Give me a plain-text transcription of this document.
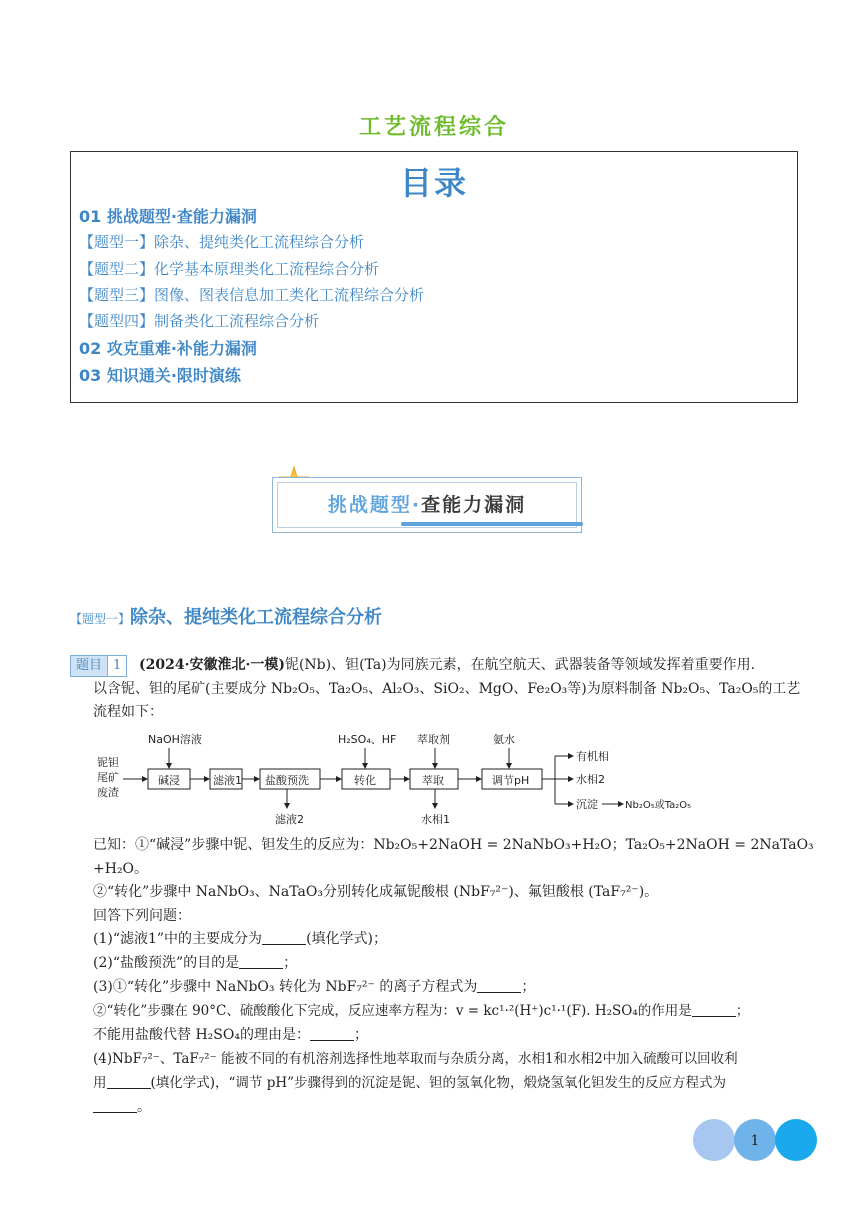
工艺流程综合
目录
01 挑战题型·查能力漏洞
【题型一】除杂、提纯类化工流程综合分析
【题型二】化学基本原理类化工流程综合分析
【题型三】图像、图表信息加工类化工流程综合分析
【题型四】制备类化工流程综合分析
02 攻克重难·补能力漏洞
03 知识通关·限时演练
挑战题型·查能力漏洞
【题型一】除杂、提纯类化工流程综合分析
题目 1	(2024·安徽淮北·一模)铌(Nb)、钽(Ta)为同族元素，在航空航天、武器装备等领域发挥着重要作用.
以含铌、钽的尾矿(主要成分 Nb₂O₅、Ta₂O₅、Al₂O₃、SiO₂、MgO、Fe₂O₃等)为原料制备 Nb₂O₅、Ta₂O₅的工艺
流程如下：
铌钽
尾矿
废渣
碱浸
NaOH溶液
滤液1 盐酸预洗
滤液2
转化
H₂SO₄、HF
萃取
萃取剂
水相1
调节pH
氨水
有机相
水相2
沉淀	Nb₂O₅或Ta₂O₅
已知：①“碱浸”步骤中铌、钽发生的反应为：Nb₂O₅+2NaOH = 2NaNbO₃+H₂O；Ta₂O₅+2NaOH = 2NaTaO₃
+H₂O。
②“转化”步骤中 NaNbO₃、NaTaO₃分别转化成氟铌酸根 (NbF₇²⁻)、氟钽酸根 (TaF₇²⁻)。
回答下列问题：
(1)“滤液1”中的主要成分为	(填化学式)；
(2)“盐酸预洗”的目的是	；
(3)①“转化”步骤中 NaNbO₃ 转化为 NbF₇²⁻ 的离子方程式为	；
②“转化”步骤在 90°C、硫酸酸化下完成，反应速率方程为：v = kc¹·²(H⁺)c¹·¹(F). H₂SO₄的作用是	；
不能用盐酸代替 H₂SO₄的理由是：	；
(4)NbF₇²⁻、TaF₇²⁻ 能被不同的有机溶剂选择性地萃取而与杂质分离，水相1和水相2中加入硫酸可以回收利
用	(填化学式)，“调节 pH”步骤得到的沉淀是铌、钽的氢氧化物，煅烧氢氧化钽发生的反应方程式为
。
1
